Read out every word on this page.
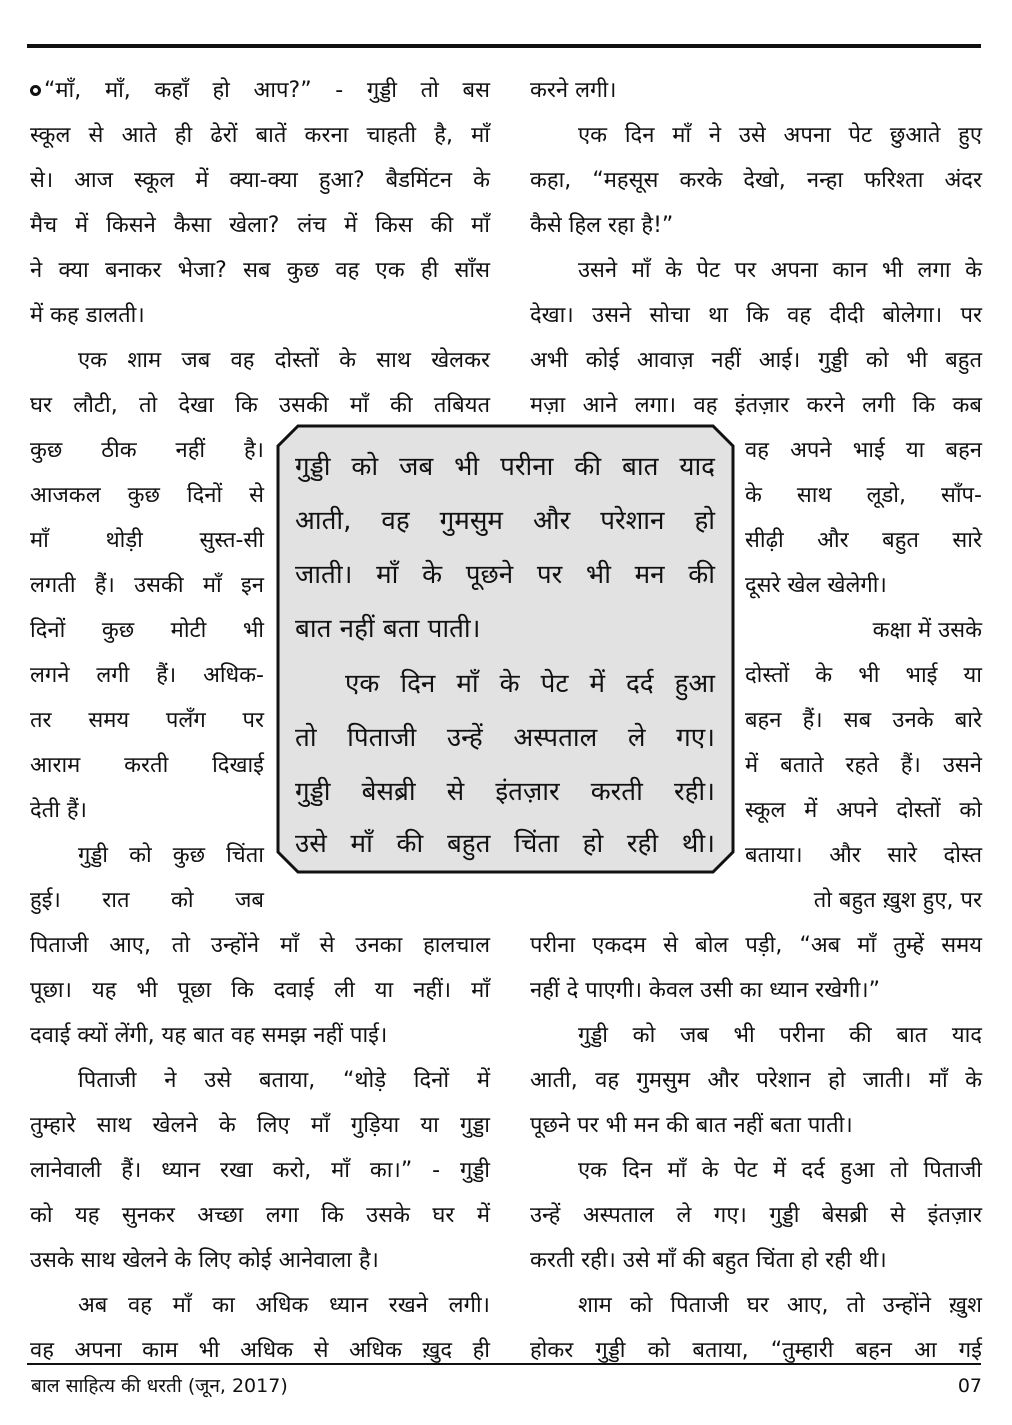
“माँ, माँ, कहाँ हो आप?” - गुड्डी तो बस
स्कूल से आते ही ढेरों बातें करना चाहती है, माँ
से। आज स्कूल में क्या-क्या हुआ? बैडमिंटन के
मैच में किसने कैसा खेला? लंच में किस की माँ
ने क्या बनाकर भेजा? सब कुछ वह एक ही साँस
में कह डालती।
एक शाम जब वह दोस्तों के साथ खेलकर
घर लौटी, तो देखा कि उसकी माँ की तबियत
कुछ ठीक नहीं है।
आजकल कुछ दिनों से
माँ थोड़ी सुस्त-सी
लगती हैं। उसकी माँ इन
दिनों कुछ मोटी भी
लगने लगी हैं। अधिक-
तर समय पलँग पर
आराम करती दिखाई
देती हैं।
गुड्डी को कुछ चिंता
हुई। रात को जब
पिताजी आए, तो उन्होंने माँ से उनका हालचाल
पूछा। यह भी पूछा कि दवाई ली या नहीं। माँ
दवाई क्यों लेंगी, यह बात वह समझ नहीं पाई।
पिताजी ने उसे बताया, “थोड़े दिनों में
तुम्हारे साथ खेलने के लिए माँ गुड़िया या गुड्डा
लानेवाली हैं। ध्यान रखा करो, माँ का।” - गुड्डी
को यह सुनकर अच्छा लगा कि उसके घर में
उसके साथ खेलने के लिए कोई आनेवाला है।
अब वह माँ का अधिक ध्यान रखने लगी।
वह अपना काम भी अधिक से अधिक ख़ुद ही
करने लगी।
एक दिन माँ ने उसे अपना पेट छुआते हुए
कहा, “महसूस करके देखो, नन्हा फरिश्ता अंदर
कैसे हिल रहा है!”
उसने माँ के पेट पर अपना कान भी लगा के
देखा। उसने सोचा था कि वह दीदी बोलेगा। पर
अभी कोई आवाज़ नहीं आई। गुड्डी को भी बहुत
मज़ा आने लगा। वह इंतज़ार करने लगी कि कब
वह अपने भाई या बहन
के साथ लूडो, साँप-
सीढ़ी और बहुत सारे
दूसरे खेल खेलेगी।
कक्षा में उसके
दोस्तों के भी भाई या
बहन हैं। सब उनके बारे
में बताते रहते हैं। उसने
स्कूल में अपने दोस्तों को
बताया। और सारे दोस्त
तो बहुत ख़ुश हुए, पर
परीना एकदम से बोल पड़ी, “अब माँ तुम्हें समय
नहीं दे पाएगी। केवल उसी का ध्यान रखेगी।”
गुड्डी को जब भी परीना की बात याद
आती, वह गुमसुम और परेशान हो जाती। माँ के
पूछने पर भी मन की बात नहीं बता पाती।
एक दिन माँ के पेट में दर्द हुआ तो पिताजी
उन्हें अस्पताल ले गए। गुड्डी बेसब्री से इंतज़ार
करती रही। उसे माँ की बहुत चिंता हो रही थी।
शाम को पिताजी घर आए, तो उन्होंने ख़ुश
होकर गुड्डी को बताया, “तुम्हारी बहन आ गई
गुड्डी को जब भी परीना की बात याद
आती, वह गुमसुम और परेशान हो
जाती। माँ के पूछने पर भी मन की
बात नहीं बता पाती।
एक दिन माँ के पेट में दर्द हुआ
तो पिताजी उन्हें अस्पताल ले गए।
गुड्डी बेसब्री से इंतज़ार करती रही।
उसे माँ की बहुत चिंता हो रही थी।
बाल साहित्य की धरती (जून, 2017)	07
